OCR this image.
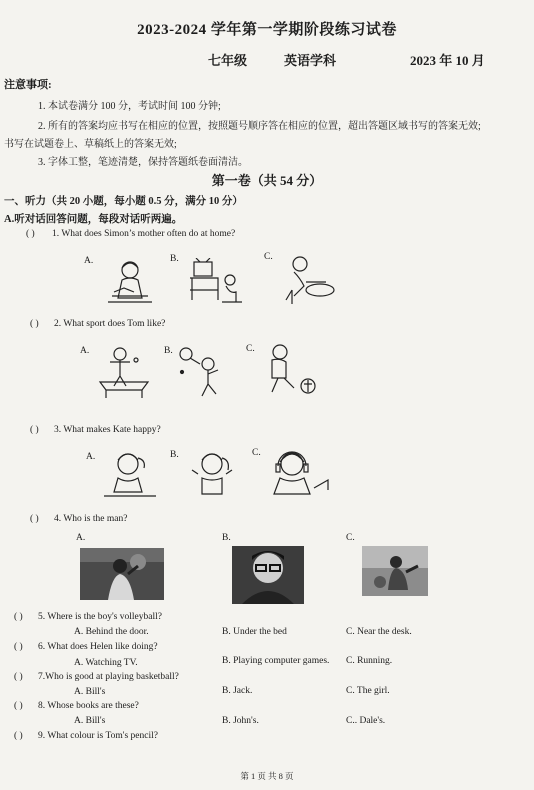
2023-2024 学年第一学期阶段练习试卷
七年级	英语学科	2023 年 10 月
注意事项:
1. 本试卷满分 100 分，考试时间 100 分钟;
2. 所有的答案均应书写在相应的位置，按照题号顺序答在相应的位置，超出答题区域书写的答案无效;
书写在试题卷上、草稿纸上的答案无效;
3. 字体工整，笔迹清楚，保持答题纸卷面清洁。
第一卷（共 54 分）
一、听力（共 20 小题，每小题 0.5 分，满分 10 分）
A.听对话回答问题，每段对话听两遍。
( ) 1. What does Simon’s mother often do at home?
A.	B.	C.
( ) 2. What sport does Tom like?
A.	B.	C.
( ) 3. What makes Kate happy?
A.	B.	C.
( ) 4. Who is the man?
A.	B.	C.
( ) 5. Where is the boy's volleyball?
A. Behind the door.	B. Under the bed	C. Near the desk.
( ) 6. What does Helen like doing?
A. Watching TV.	B. Playing computer games. C. Running.
( ) 7.Who is good at playing basketball?
A. Bill's	B. Jack.	C. The girl.
( ) 8. Whose books are these?
A. Bill's	B. John's.	C.. Dale's.
( ) 9. What colour is Tom's pencil?
第 1 页 共 8 页
